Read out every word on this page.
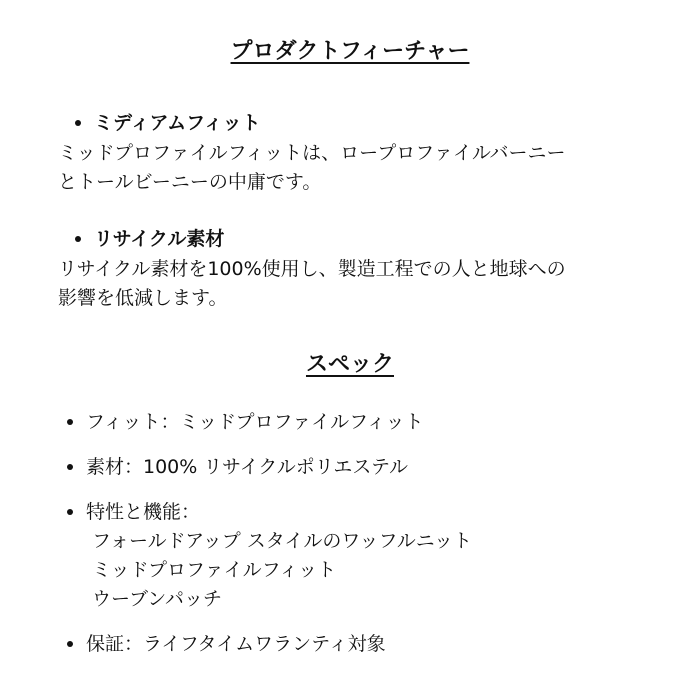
プロダクトフィーチャー
ミディアムフィット
ミッドプロファイルフィットは、ロープロファイルバーニー
とトールビーニーの中庸です。
リサイクル素材
リサイクル素材を100%使用し、製造工程での人と地球への
影響を低減します。
スペック
フィット：ミッドプロファイルフィット
素材：100% リサイクルポリエステル
特性と機能：
フォールドアップ スタイルのワッフルニット
ミッドプロファイルフィット
ウーブンパッチ
保証：ライフタイムワランティ対象
